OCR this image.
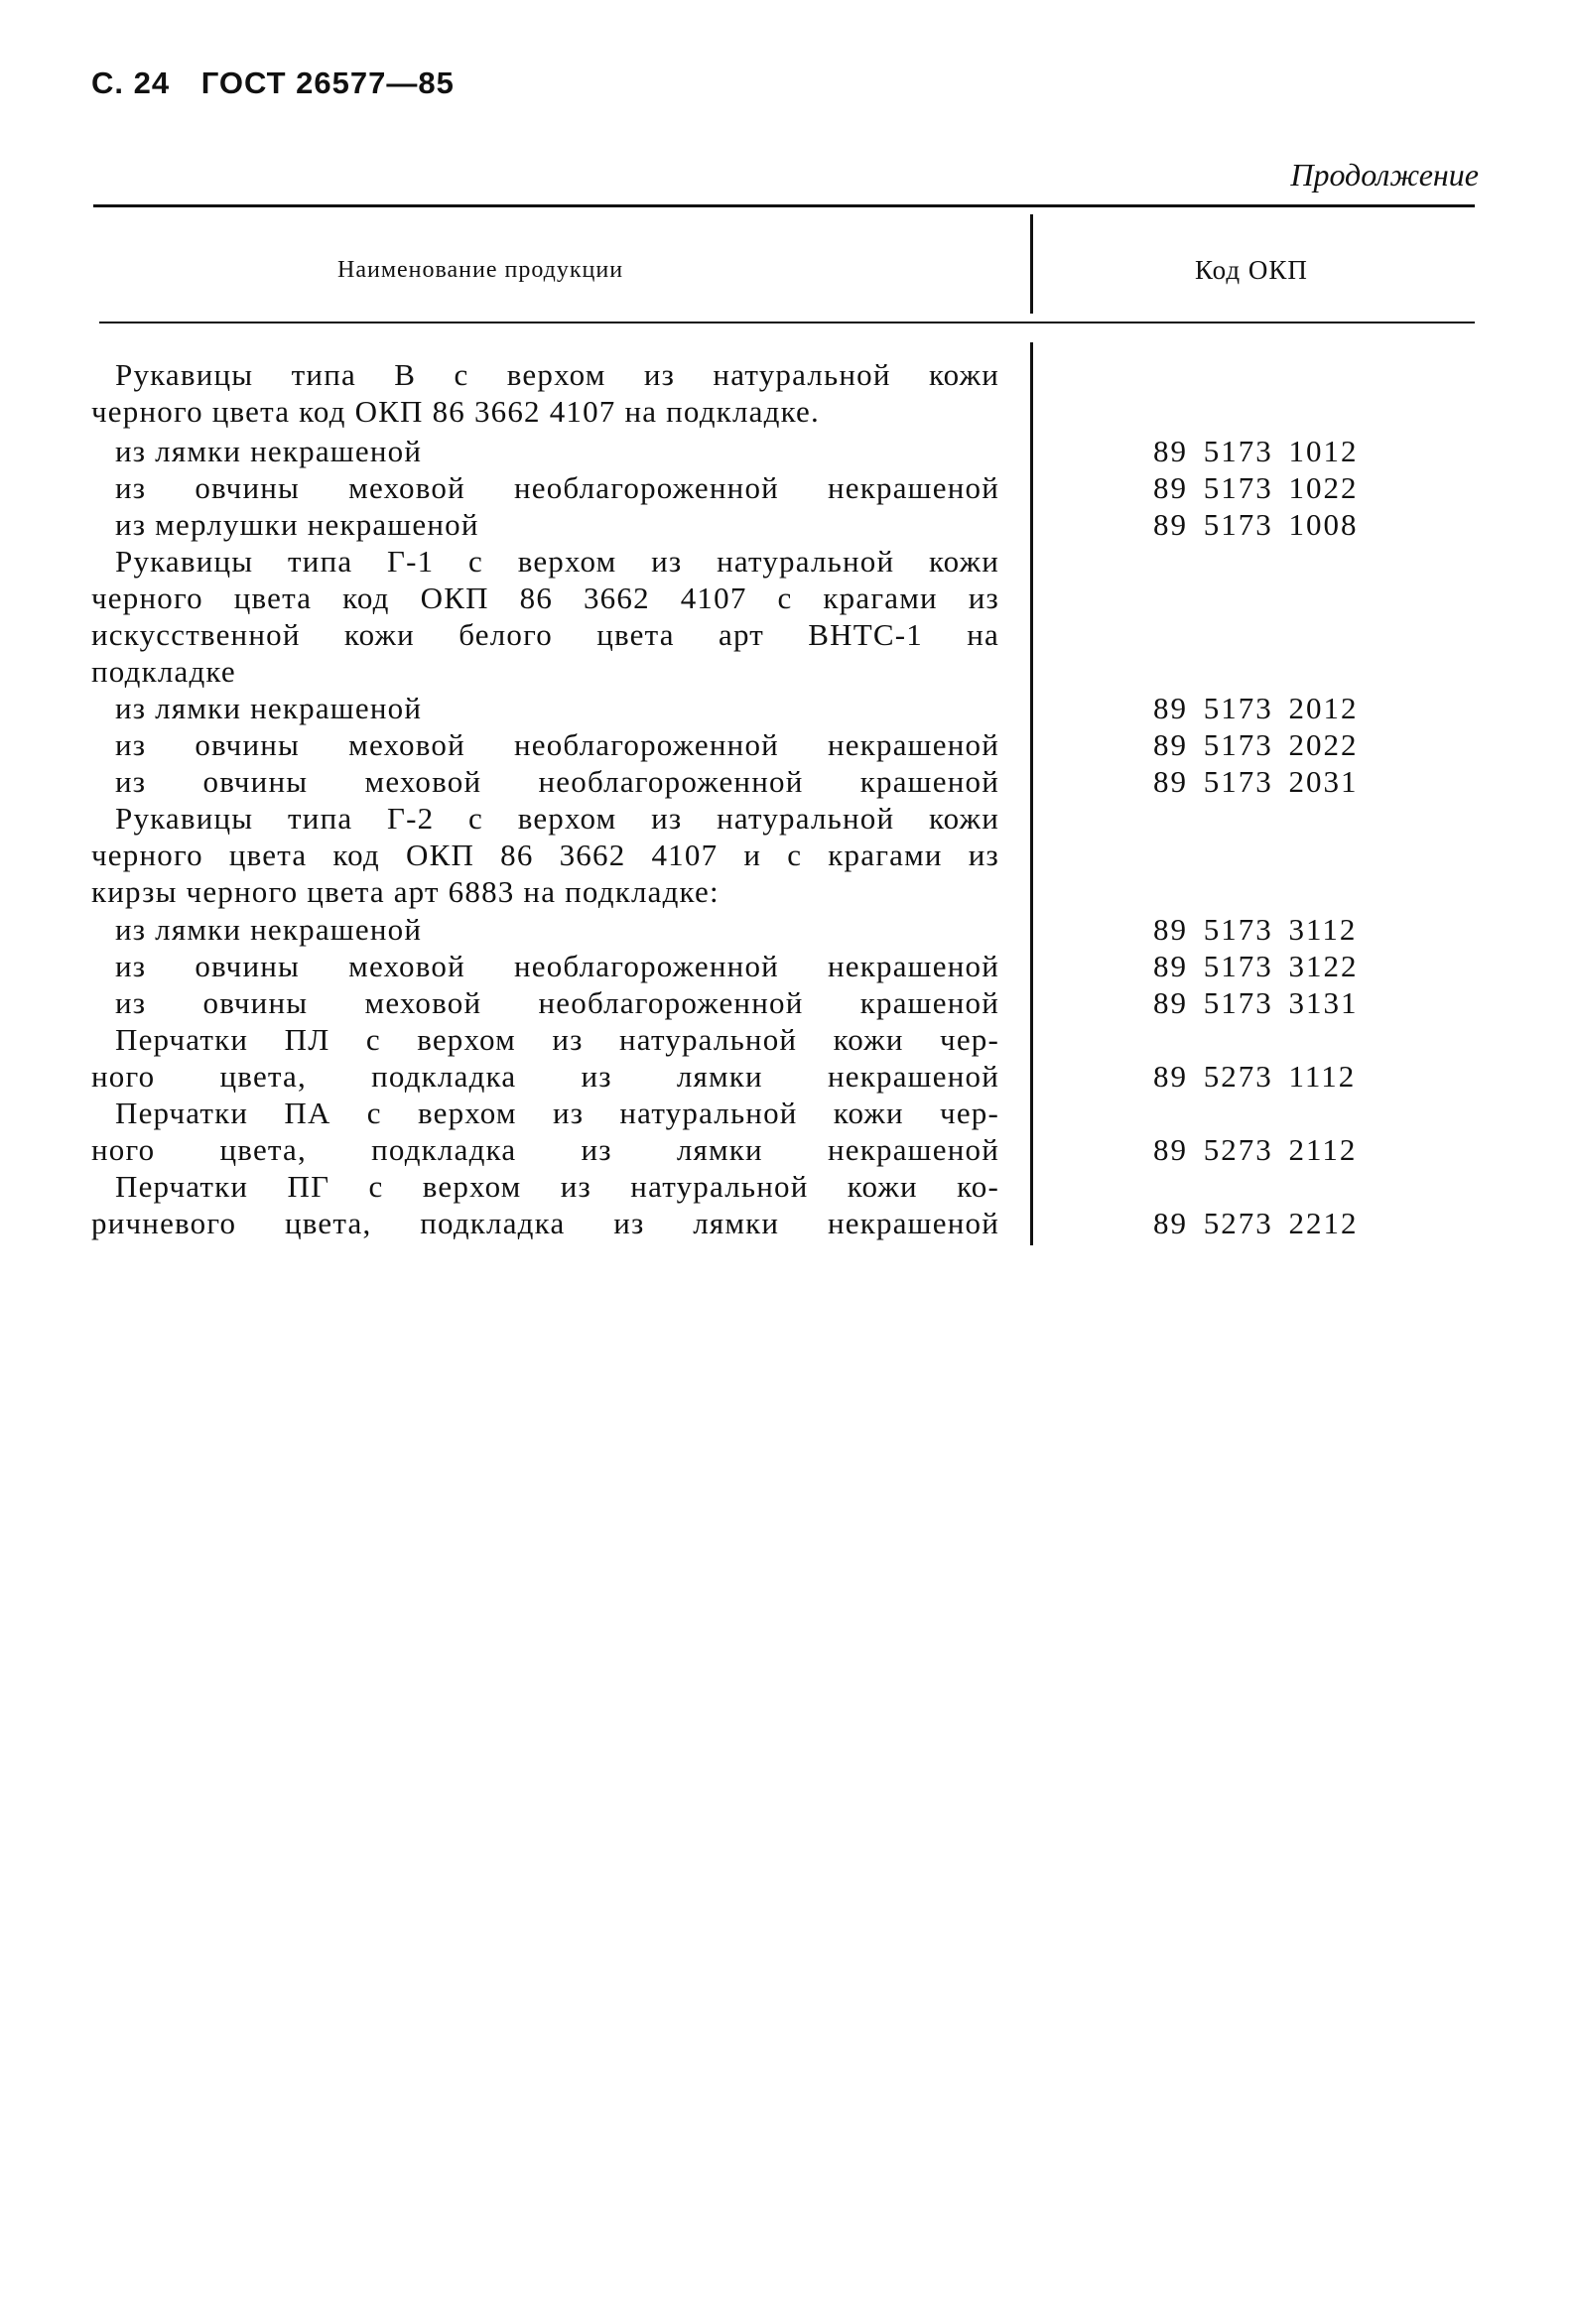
С. 24 ГОСТ 26577—85
Продолжение
Наименование продукции	Код ОКП
Рукавицы типа В с верхом из натуральной кожи
черного цвета код ОКП 86 3662 4107 на подкладке.
из лямки некрашеной	89 5173 1012
из овчины меховой необлагороженной некрашеной	89 5173 1022
из мерлушки некрашеной	89 5173 1008
Рукавицы типа Г-1 с верхом из натуральной кожи
черного цвета код ОКП 86 3662 4107 с крагами из
искусственной кожи белого цвета арт ВНТС-1 на
подкладке
из лямки некрашеной	89 5173 2012
из овчины меховой необлагороженной некрашеной	89 5173 2022
из овчины меховой необлагороженной крашеной	89 5173 2031
Рукавицы типа Г-2 с верхом из натуральной кожи
черного цвета код ОКП 86 3662 4107 и с крагами из
кирзы черного цвета арт 6883 на подкладке:
из лямки некрашеной	89 5173 3112
из овчины меховой необлагороженной некрашеной	89 5173 3122
из овчины меховой необлагороженной крашеной	89 5173 3131
Перчатки ПЛ с верхом из натуральной кожи чер-
ного цвета, подкладка из лямки некрашеной	89 5273 1112
Перчатки ПА с верхом из натуральной кожи чер-
ного цвета, подкладка из лямки некрашеной	89 5273 2112
Перчатки ПГ с верхом из натуральной кожи ко-
ричневого цвета, подкладка из лямки некрашеной	89 5273 2212
